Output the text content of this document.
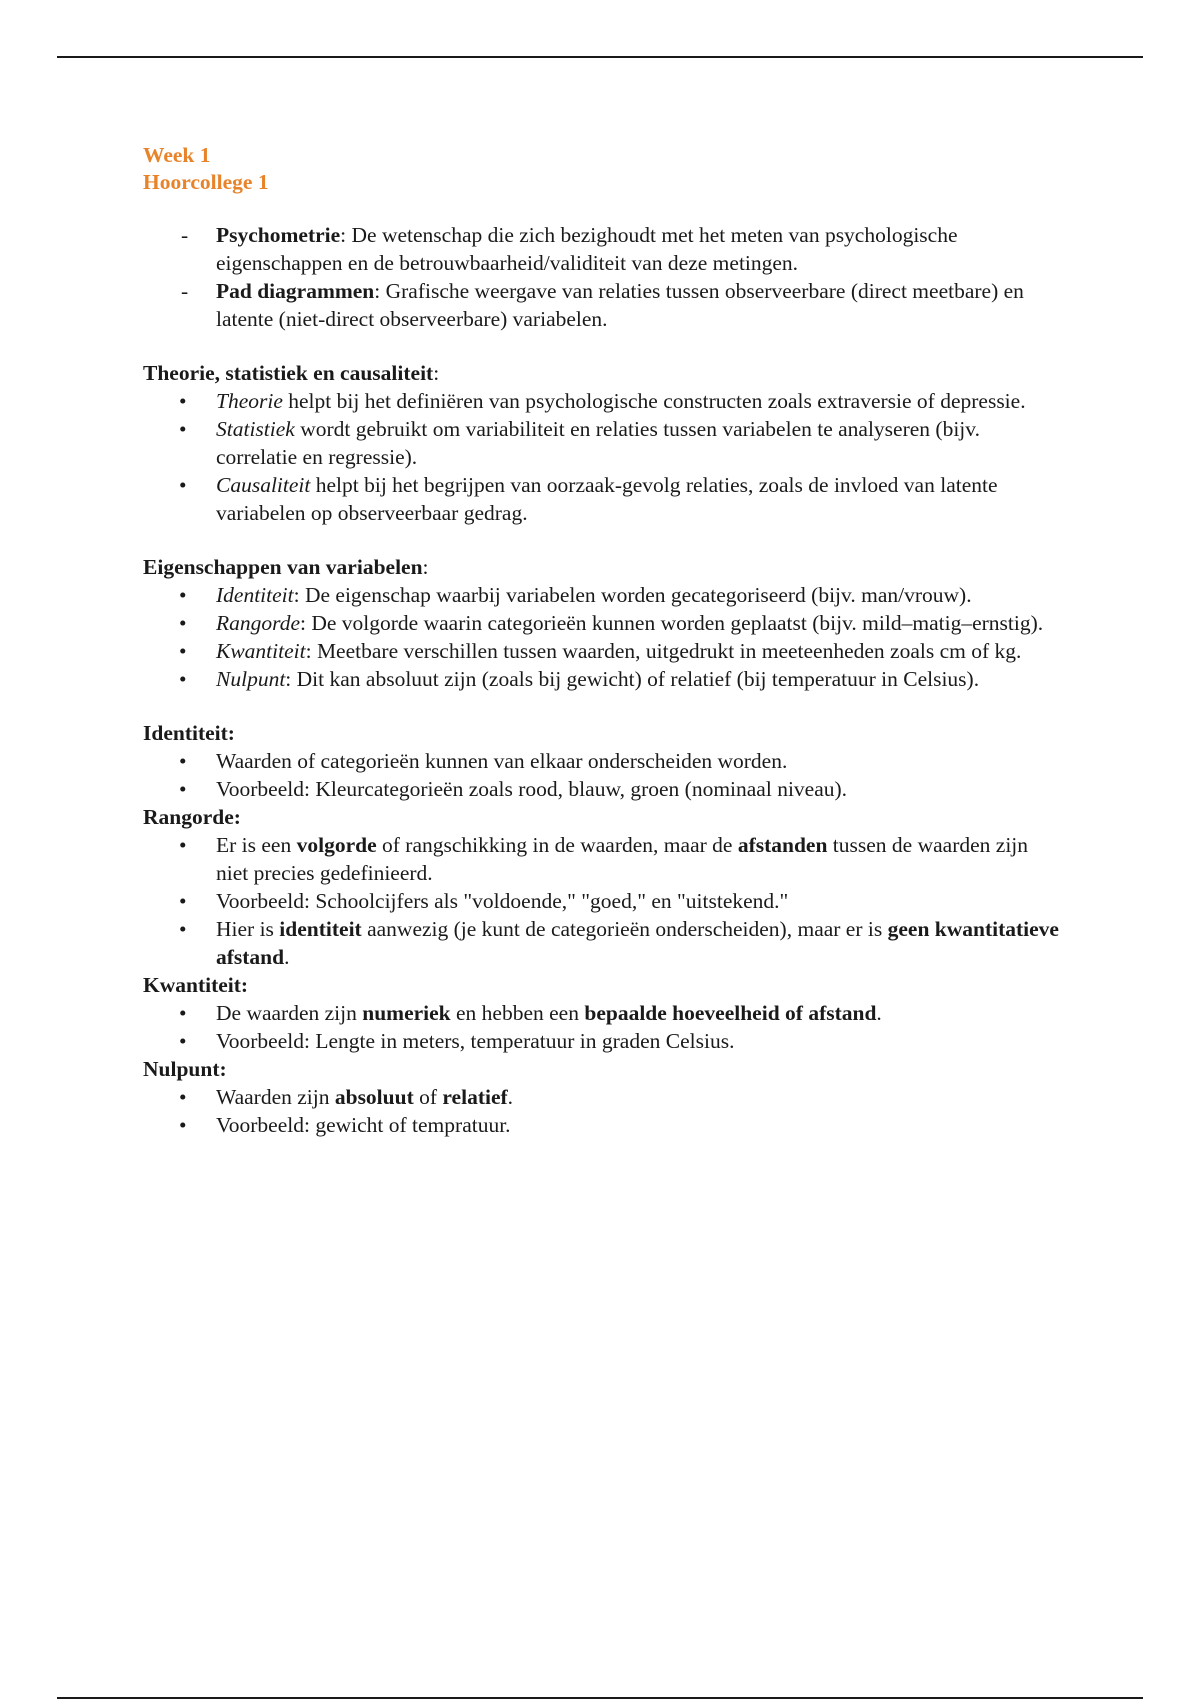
Week 1
Hoorcollege 1
-	Psychometrie: De wetenschap die zich bezighoudt met het meten van psychologische eigenschappen en de betrouwbaarheid/validiteit van deze metingen.
-	Pad diagrammen: Grafische weergave van relaties tussen observeerbare (direct meetbare) en latente (niet-direct observeerbare) variabelen.
Theorie, statistiek en causaliteit:
•	Theorie helpt bij het definiëren van psychologische constructen zoals extraversie of depressie.
•	Statistiek wordt gebruikt om variabiliteit en relaties tussen variabelen te analyseren (bijv. correlatie en regressie).
•	Causaliteit helpt bij het begrijpen van oorzaak-gevolg relaties, zoals de invloed van latente variabelen op observeerbaar gedrag.
Eigenschappen van variabelen:
•	Identiteit: De eigenschap waarbij variabelen worden gecategoriseerd (bijv. man/vrouw).
•	Rangorde: De volgorde waarin categorieën kunnen worden geplaatst (bijv. mild–matig–ernstig).
•	Kwantiteit: Meetbare verschillen tussen waarden, uitgedrukt in meeteenheden zoals cm of kg.
•	Nulpunt: Dit kan absoluut zijn (zoals bij gewicht) of relatief (bij temperatuur in Celsius).
Identiteit:
•	Waarden of categorieën kunnen van elkaar onderscheiden worden.
•	Voorbeeld: Kleurcategorieën zoals rood, blauw, groen (nominaal niveau).
Rangorde:
•	Er is een volgorde of rangschikking in de waarden, maar de afstanden tussen de waarden zijn niet precies gedefinieerd.
•	Voorbeeld: Schoolcijfers als "voldoende," "goed," en "uitstekend."
•	Hier is identiteit aanwezig (je kunt de categorieën onderscheiden), maar er is geen kwantitatieve afstand.
Kwantiteit:
•	De waarden zijn numeriek en hebben een bepaalde hoeveelheid of afstand.
•	Voorbeeld: Lengte in meters, temperatuur in graden Celsius.
Nulpunt:
•	Waarden zijn absoluut of relatief.
•	Voorbeeld: gewicht of tempratuur.
